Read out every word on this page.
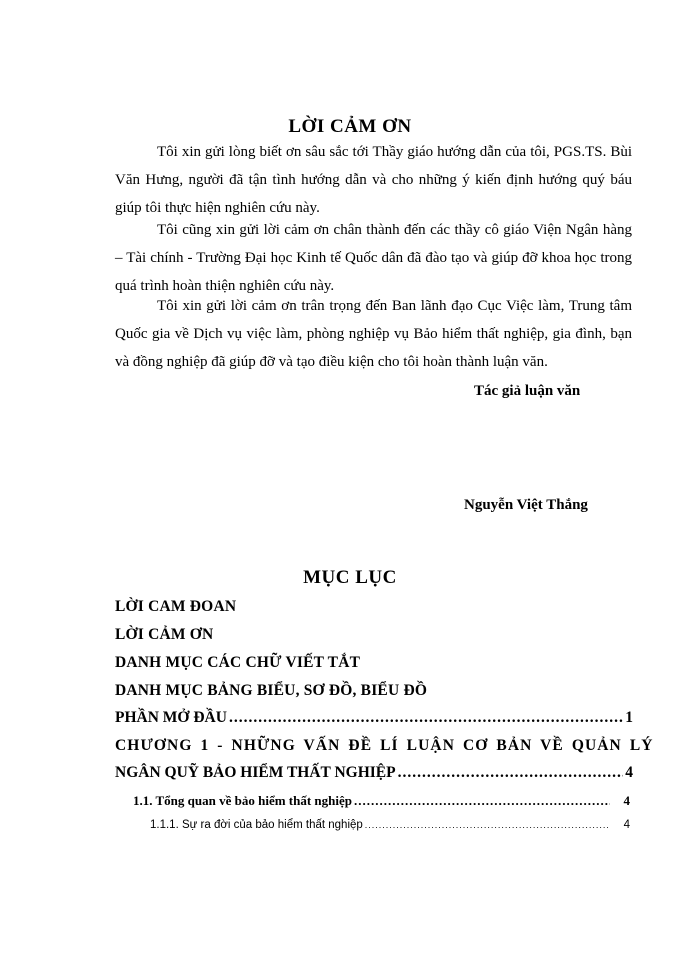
LỜI CẢM ƠN

Tôi xin gửi lòng biết ơn sâu sắc tới Thầy giáo hướng dẫn của tôi, PGS.TS. Bùi Văn Hưng, người đã tận tình hướng dẫn và cho những ý kiến định hướng quý báu giúp tôi thực hiện nghiên cứu này.

Tôi cũng xin gửi lời cảm ơn chân thành đến các thầy cô giáo Viện Ngân hàng – Tài chính - Trường Đại học Kinh tế Quốc dân đã đào tạo và giúp đỡ khoa học trong quá trình hoàn thiện nghiên cứu này.

Tôi xin gửi lời cảm ơn trân trọng đến Ban lãnh đạo Cục Việc làm, Trung tâm Quốc gia về Dịch vụ việc làm, phòng nghiệp vụ Bảo hiểm thất nghiệp, gia đình, bạn và đồng nghiệp đã giúp đỡ và tạo điều kiện cho tôi hoàn thành luận văn.

Tác giả luận văn
Nguyễn Việt Thắng
MỤC LỤC
LỜI CAM ĐOAN
LỜI CẢM ƠN
DANH MỤC CÁC CHỮ VIẾT TẮT
DANH MỤC BẢNG BIỂU, SƠ ĐỒ, BIỂU ĐỒ
PHẦN MỞ ĐẦU .....	1
CHƯƠNG 1 - NHỮNG VẤN ĐỀ LÍ LUẬN CƠ BẢN VỀ QUẢN LÝ
NGÂN QUỸ BẢO HIỂM THẤT NGHIỆP .....	4
1.1. Tổng quan về bảo hiểm thất nghiệp .....	4
1.1.1. Sự ra đời của bảo hiểm thất nghiệp .....	4
